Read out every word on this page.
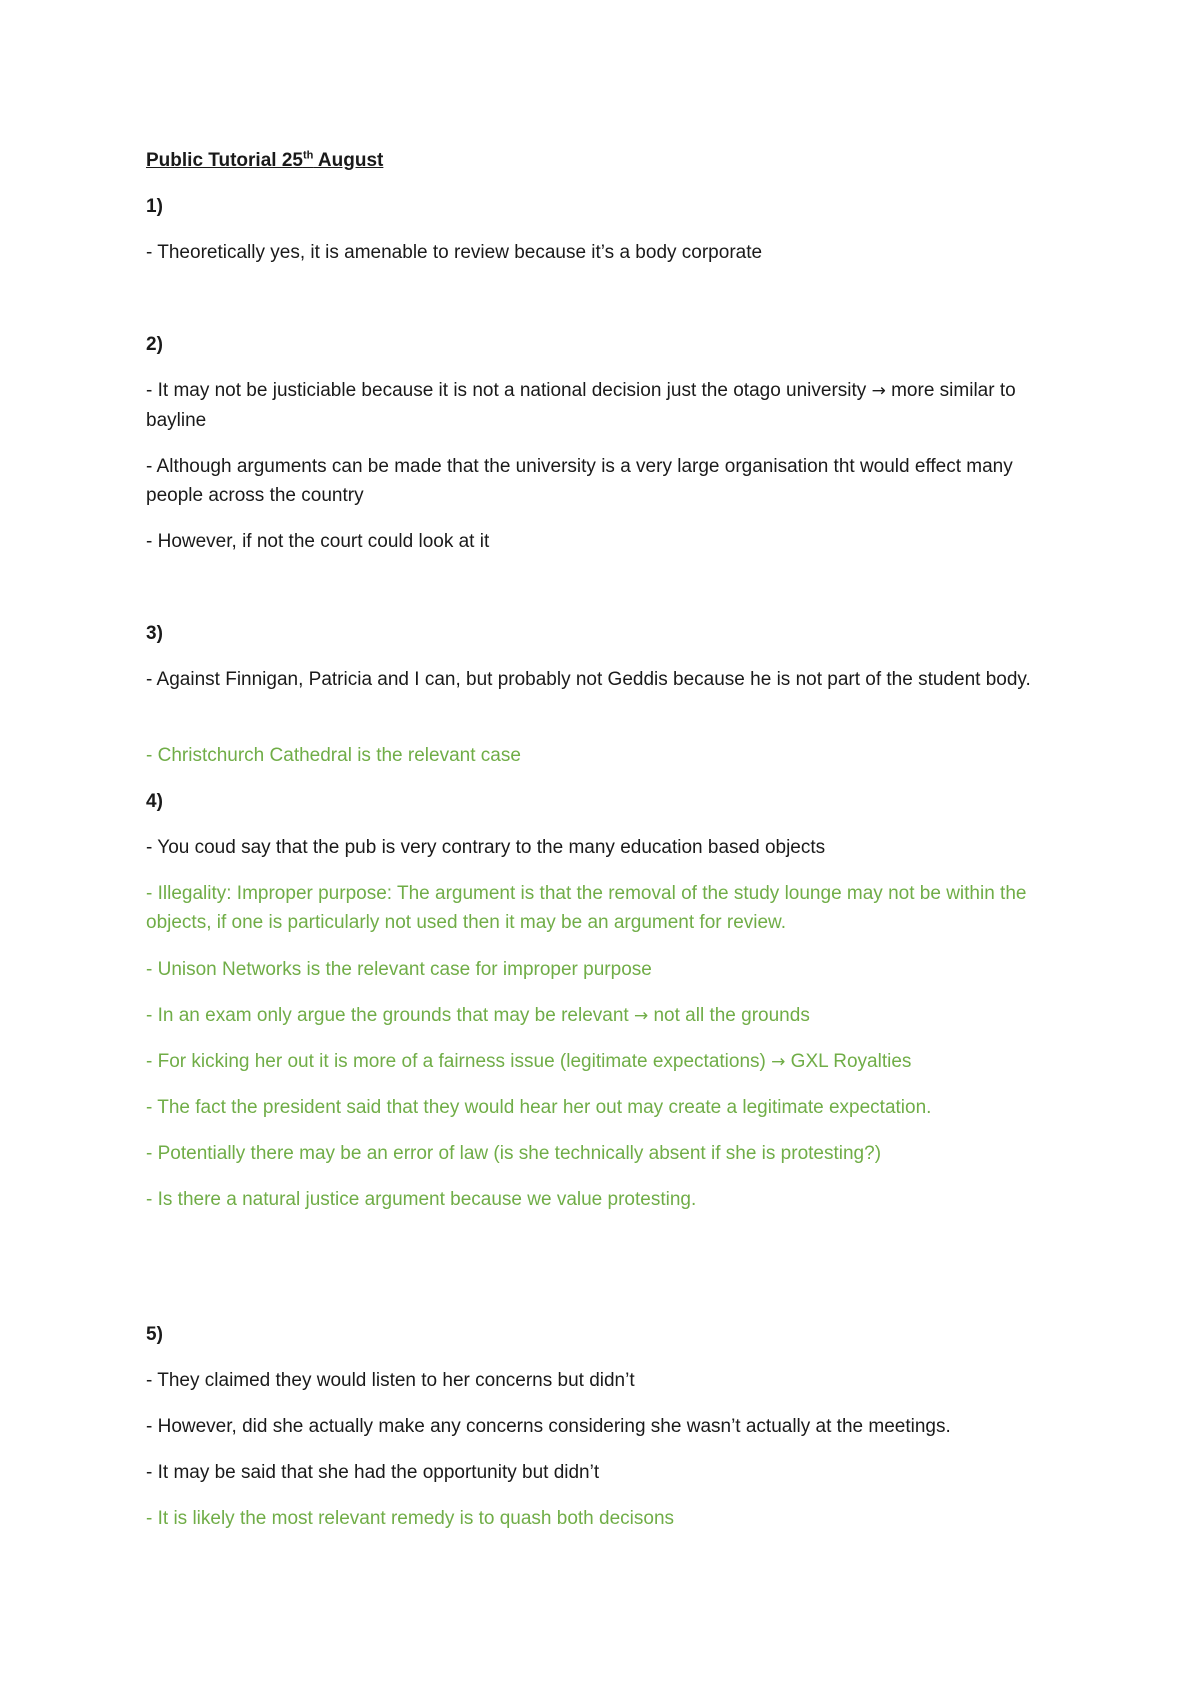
Public Tutorial 25th August
1)
- Theoretically yes, it is amenable to review because it’s a body corporate
2)
- It may not be justiciable because it is not a national decision just the otago university → more similar to bayline
- Although arguments can be made that the university is a very large organisation tht would effect many people across the country
- However, if not the court could look at it
3)
- Against Finnigan, Patricia and I can, but probably not Geddis because he is not part of the student body.
- Christchurch Cathedral is the relevant case
4)
- You coud say that the pub is very contrary to the many education based objects
- Illegality: Improper purpose: The argument is that the removal of the study lounge may not be within the objects, if one is particularly not used then it may be an argument for review.
- Unison Networks is the relevant case for improper purpose
- In an exam only argue the grounds that may be relevant → not all the grounds
- For kicking her out it is more of a fairness issue (legitimate expectations) → GXL Royalties
- The fact the president said that they would hear her out may create a legitimate expectation.
- Potentially there may be an error of law (is she technically absent if she is protesting?)
- Is there a natural justice argument because we value protesting.
5)
- They claimed they would listen to her concerns but didn’t
- However, did she actually make any concerns considering she wasn’t actually at the meetings.
- It may be said that she had the opportunity but didn’t
- It is likely the most relevant remedy is to quash both decisons
